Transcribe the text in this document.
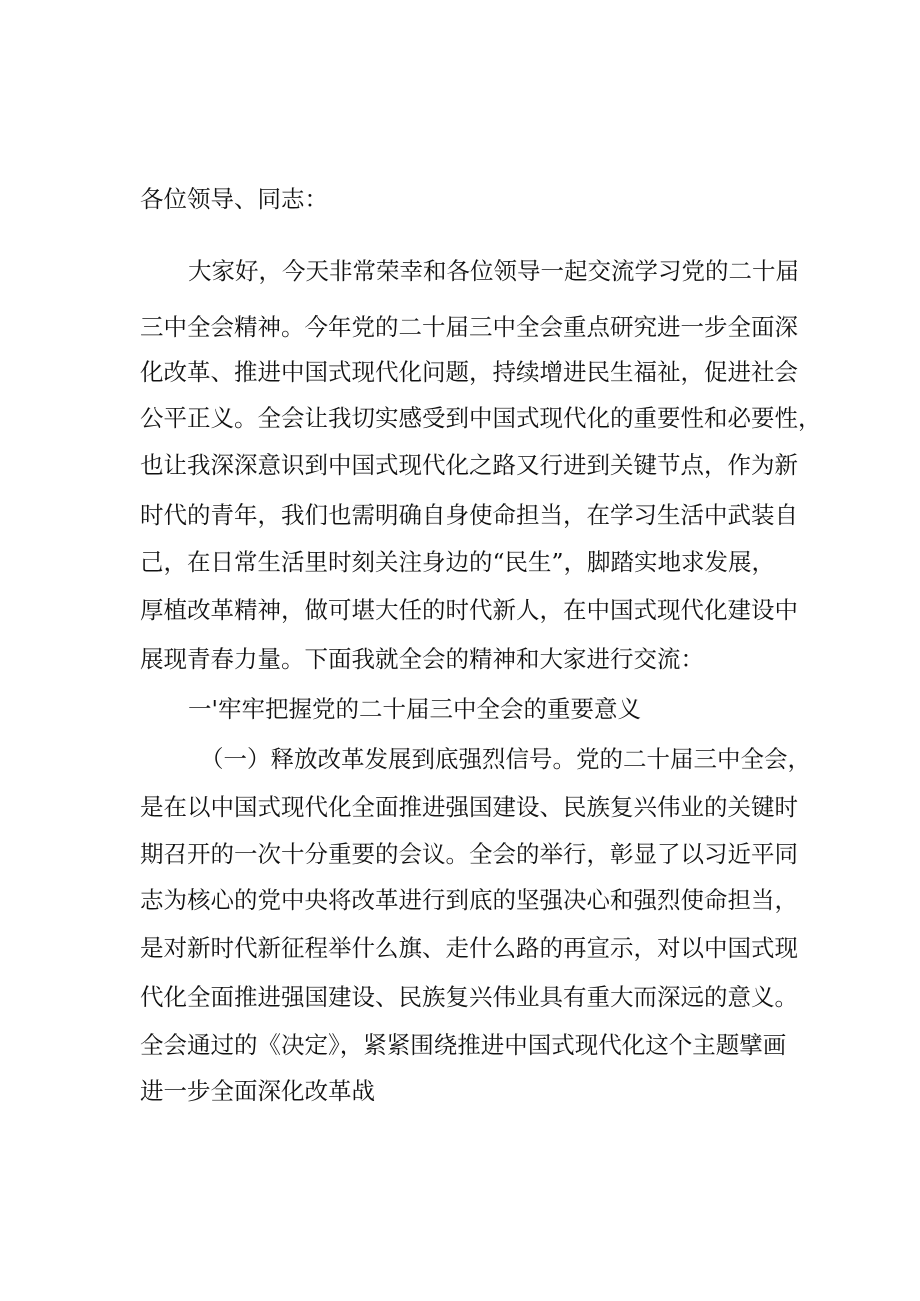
各位领导、同志：
大家好，今天非常荣幸和各位领导一起交流学习党的二十届
三中全会精神。今年党的二十届三中全会重点研究进一步全面深
化改革、推进中国式现代化问题，持续增进民生福祉，促进社会
公平正义。全会让我切实感受到中国式现代化的重要性和必要性，
也让我深深意识到中国式现代化之路又行进到关键节点，作为新
时代的青年，我们也需明确自身使命担当，在学习生活中武装自
己，在日常生活里时刻关注身边的“民生”，脚踏实地求发展，
厚植改革精神，做可堪大任的时代新人，在中国式现代化建设中
展现青春力量。下面我就全会的精神和大家进行交流：
一'牢牢把握党的二十届三中全会的重要意义
（一）释放改革发展到底强烈信号。党的二十届三中全会，
是在以中国式现代化全面推进强国建设、民族复兴伟业的关键时
期召开的一次十分重要的会议。全会的举行，彰显了以习近平同
志为核心的党中央将改革进行到底的坚强决心和强烈使命担当，
是对新时代新征程举什么旗、走什么路的再宣示，对以中国式现
代化全面推进强国建设、民族复兴伟业具有重大而深远的意义。
全会通过的《决定》，紧紧围绕推进中国式现代化这个主题擘画
进一步全面深化改革战
